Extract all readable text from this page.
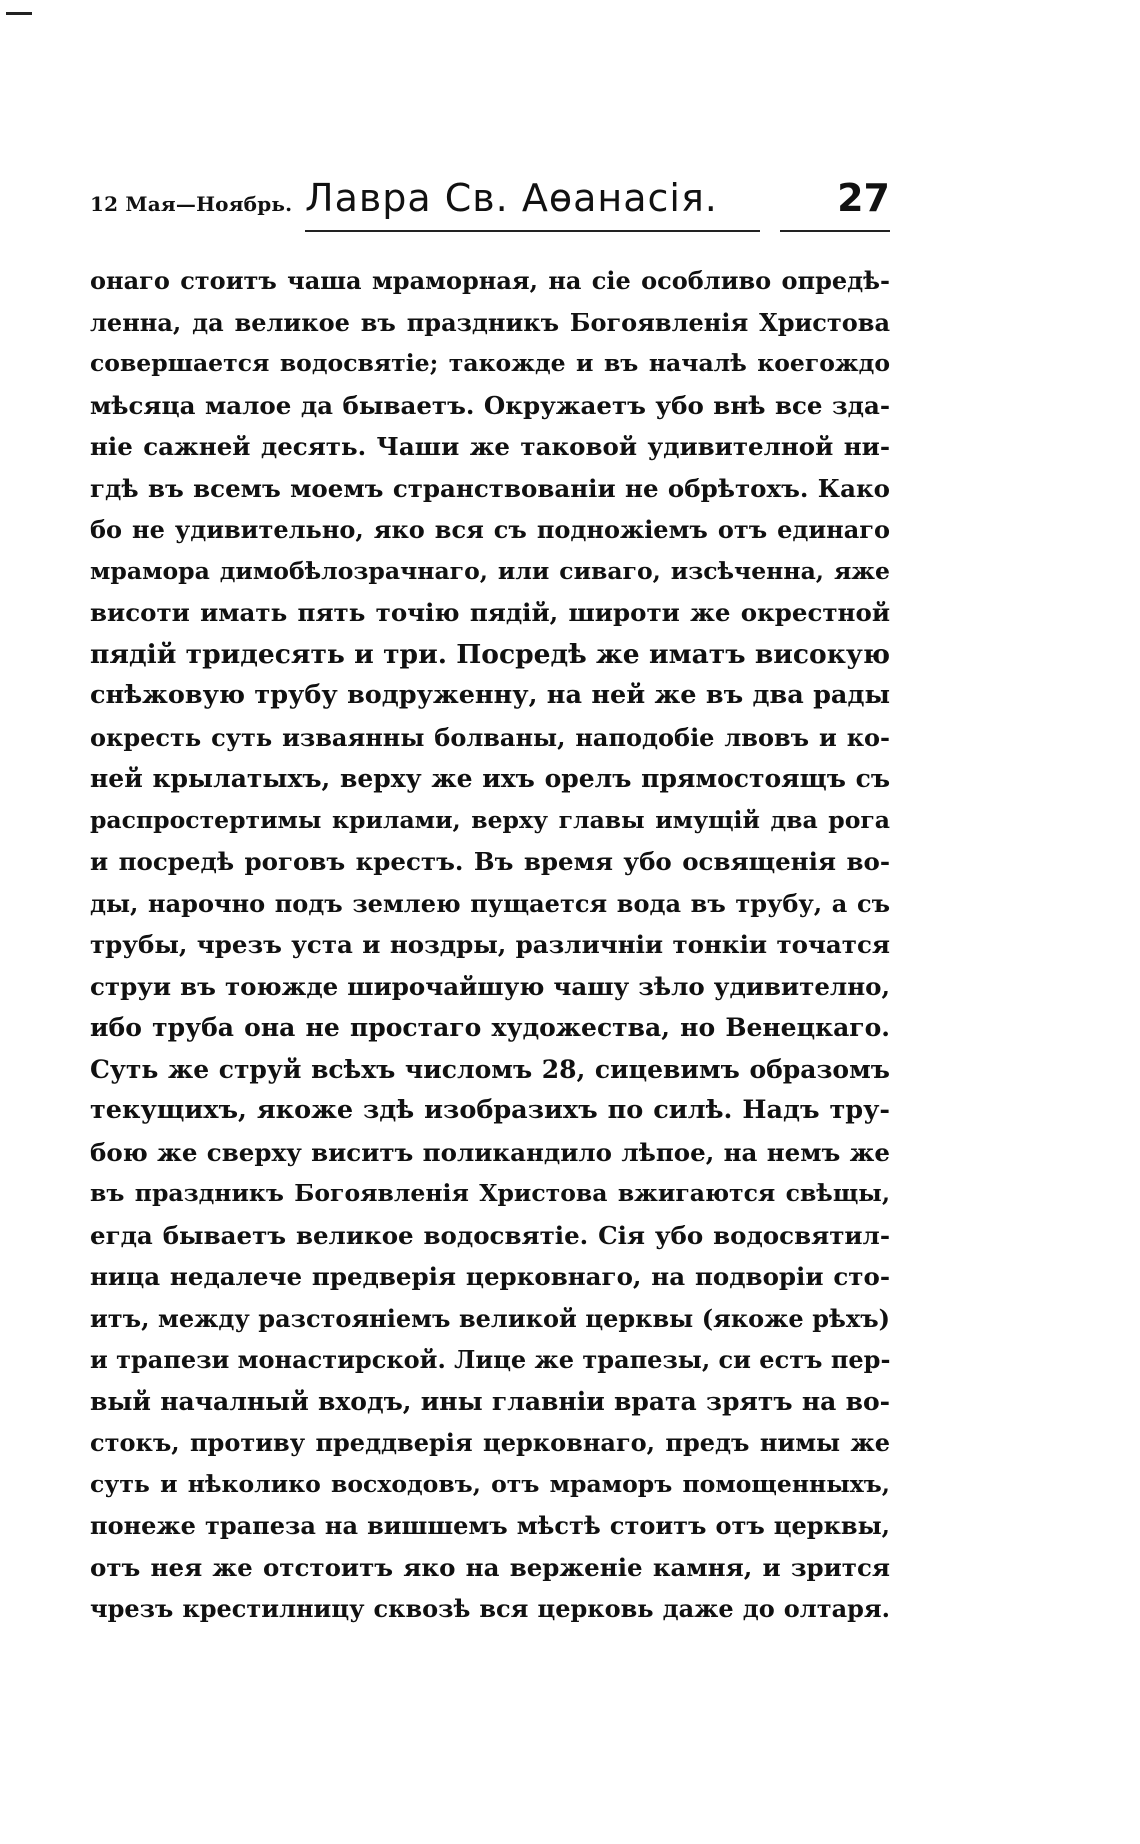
12 Мая—Ноябрь. Лавра Св. Аѳанасія.	27
онаго стоитъ чаша мраморная, на сіе особливо опредѣ-
ленна, да великое въ праздникъ Богоявленія Христова
совершается водосвятіе; такожде и въ началѣ коегождо
мѣсяца малое да бываетъ. Окружаетъ убо внѣ все зда-
ніе сажней десять. Чаши же таковой удивителной ни-
гдѣ въ всемъ моемъ странствованіи не обрѣтохъ. Како
бо не удивительно, яко вся съ подножіемъ отъ единаго
мрамора димобѣлозрачнаго, или сиваго, изсѣченна, яже
висоти имать пять точію пядій, широти же окрестной
пядій тридесять и три. Посредѣ же иматъ високую
снѣжовую трубу водруженну, на ней же въ два рады
окресть суть изваянны болваны, наподобіе лвовъ и ко-
ней крылатыхъ, верху же ихъ орелъ прямостоящъ съ
распростертимы крилами, верху главы имущій два рога
и посредѣ роговъ крестъ. Въ время убо освященія во-
ды, нарочно подъ землею пущается вода въ трубу, а съ
трубы, чрезъ уста и ноздры, различніи тонкіи точатся
струи въ тоюжде широчайшую чашу зѣло удивително,
ибо труба она не простаго художества, но Венецкаго.
Суть же струй всѣхъ числомъ 28, сицевимъ образомъ
текущихъ, якоже здѣ изобразихъ по силѣ. Надъ тру-
бою же сверху виситъ поликандило лѣпое, на немъ же
въ праздникъ Богоявленія Христова вжигаются свѣщы,
егда бываетъ великое водосвятіе. Сія убо водосвятил-
ница недалече предверія церковнаго, на подворіи сто-
итъ, между разстояніемъ великой церквы (якоже рѣхъ)
и трапези монастирской. Лице же трапезы, си естъ пер-
вый началный входъ, ины главніи врата зрятъ на во-
стокъ, противу преддверія церковнаго, предъ нимы же
суть и нѣколико восходовъ, отъ мраморъ помощенныхъ,
понеже трапеза на вишшемъ мѣстѣ стоитъ отъ церквы,
отъ нея же отстоитъ яко на верженіе камня, и зрится
чрезъ крестилницу сквозѣ вся церковь даже до олтаря.
